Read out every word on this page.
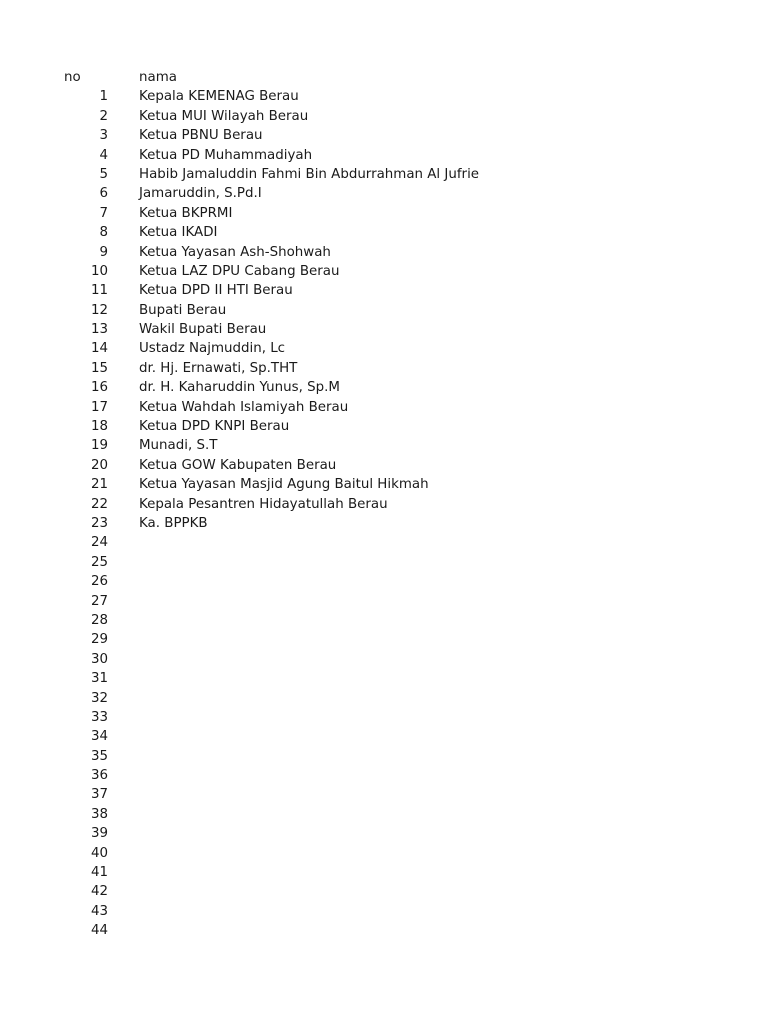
no	nama
1	Kepala KEMENAG Berau
2	Ketua MUI Wilayah Berau
3	Ketua PBNU Berau
4	Ketua PD Muhammadiyah
5	Habib Jamaluddin Fahmi Bin Abdurrahman Al Jufrie
6	Jamaruddin, S.Pd.I
7	Ketua BKPRMI
8	Ketua IKADI
9	Ketua Yayasan Ash-Shohwah
10	Ketua LAZ DPU Cabang Berau
11	Ketua DPD II HTI Berau
12	Bupati Berau
13	Wakil Bupati Berau
14	Ustadz Najmuddin, Lc
15	dr. Hj. Ernawati, Sp.THT
16	dr. H. Kaharuddin Yunus, Sp.M
17	Ketua Wahdah Islamiyah Berau
18	Ketua DPD KNPI Berau
19	Munadi, S.T
20	Ketua GOW Kabupaten Berau
21	Ketua Yayasan Masjid Agung Baitul Hikmah
22	Kepala Pesantren Hidayatullah Berau
23	Ka. BPPKB
24
25
26
27
28
29
30
31
32
33
34
35
36
37
38
39
40
41
42
43
44
